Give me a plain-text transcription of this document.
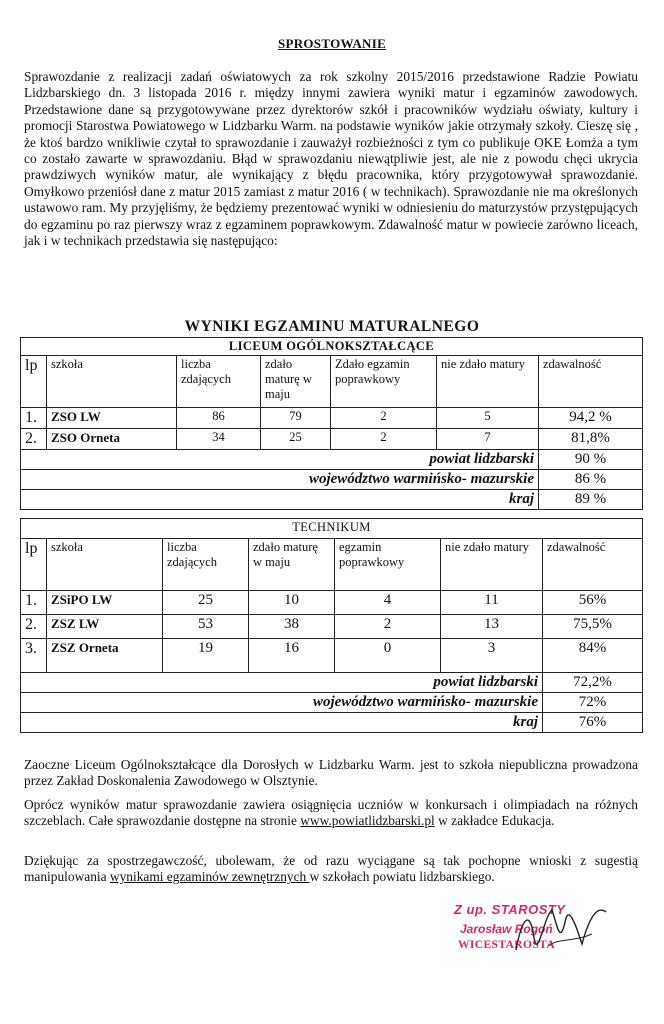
SPROSTOWANIE
Sprawozdanie z realizacji zadań oświatowych za rok szkolny 2015/2016 przedstawione Radzie Powiatu Lidzbarskiego dn. 3 listopada 2016 r. między innymi zawiera wyniki matur i egzaminów zawodowych. Przedstawione dane są przygotowywane przez dyrektorów szkół i pracowników wydziału oświaty, kultury i promocji Starostwa Powiatowego w Lidzbarku Warm. na podstawie wyników jakie otrzymały szkoły. Cieszę się , że ktoś bardzo wnikliwie czytał to sprawozdanie i zauważył rozbieżności z tym co publikuje OKE Łomża a tym co zostało zawarte w sprawozdaniu. Błąd w sprawozdaniu niewątpliwie jest, ale nie z powodu chęci ukrycia prawdziwych wyników matur, ale wynikający z błędu pracownika, który przygotowywał sprawozdanie. Omyłkowo przeniósł dane z matur 2015 zamiast z matur 2016 ( w technikach). Sprawozdanie nie ma określonych ustawowo ram. My przyjęliśmy, że będziemy prezentować wyniki w odniesieniu do maturzystów przystępujących do egzaminu po raz pierwszy wraz z egzaminem poprawkowym. Zdawalność matur w powiecie zarówno liceach, jak i w technikach przedstawia się następująco:
WYNIKI EGZAMINU MATURALNEGO
LICEUM OGÓLNOKSZTAŁCĄCE						
lp	szkoła	liczba zdających	zdało maturę w maju	Zdało egzamin poprawkowy	nie zdało matury	zdawalność
1.	ZSO LW	86	79	2	5	94,2 %
2.	ZSO Orneta	34	25	2	7	81,8%
powiat lidzbarski						90 %
województwo warmińsko- mazurskie						86 %
kraj						89 %
TECHNIKUM						
lp	szkoła	liczba zdających	zdało maturę w maju	egzamin poprawkowy	nie zdało matury	zdawalność
1.	ZSiPO LW	25	10	4	11	56%
2.	ZSZ LW	53	38	2	13	75,5%
3.	ZSZ Orneta	19	16	0	3	84%
powiat lidzbarski						72,2%
województwo warmińsko- mazurskie						72%
kraj						76%
Zaoczne Liceum Ogólnokształcące dla Dorosłych w Lidzbarku Warm. jest to szkoła niepubliczna prowadzona przez Zakład Doskonalenia Zawodowego w Olsztynie.
Oprócz wyników matur sprawozdanie zawiera osiągnięcia uczniów w konkursach i olimpiadach na różnych szczeblach. Całe sprawozdanie dostępne na stronie www.powiatlidzbarski.pl w zakładce Edukacja.
Dziękując za spostrzegawczość, ubolewam, że od razu wyciągane są tak pochopne wnioski z sugestią manipulowania wynikami egzaminów zewnętrznych w szkołach powiatu lidzbarskiego.
Z up. STAROSTY
Jarosław Rogoń
WICESTAROSTA
